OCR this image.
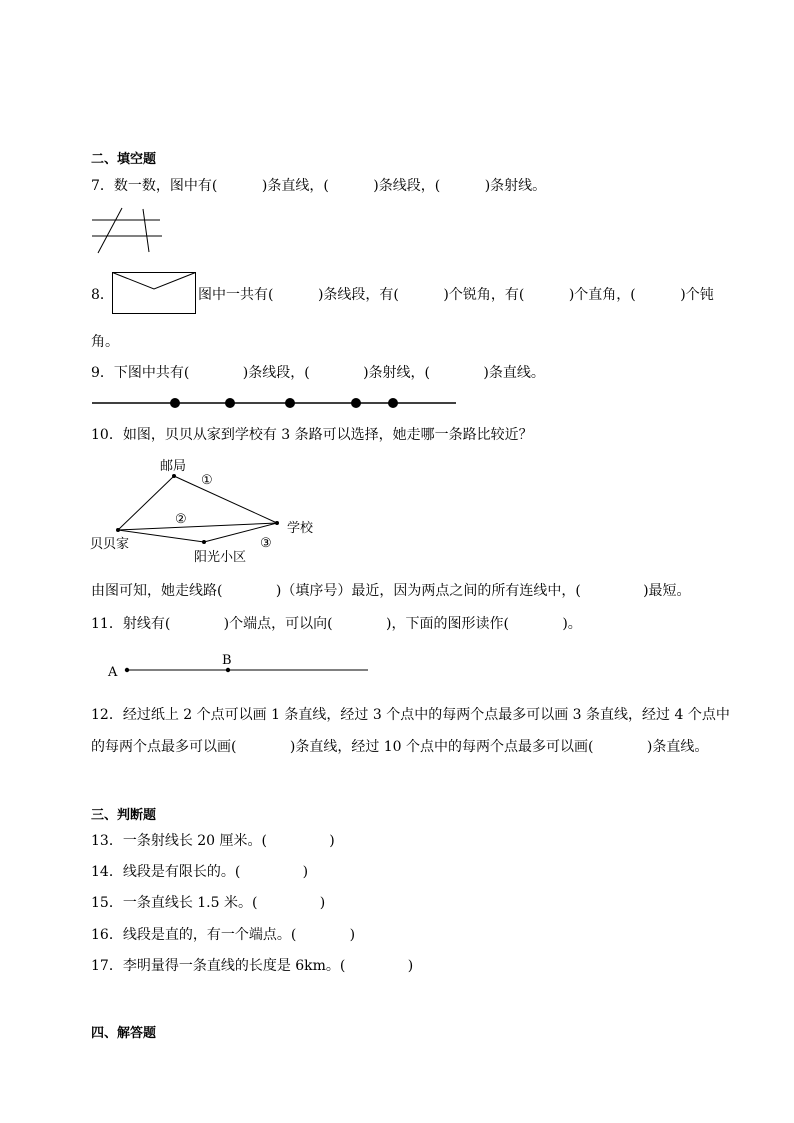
二、填空题
7．数一数，图中有(          )条直线，(          )条线段，(          )条射线。
8．	图中一共有(          )条线段，有(          )个锐角，有(          )个直角，(          )个钝
角。
9．下图中共有(            )条线段，(            )条射线，(            )条直线。
10．如图，贝贝从家到学校有 3 条路可以选择，她走哪一条路比较近？
邮局
①
②
学校
贝贝家
阳光小区
③
由图可知，她走线路(            )（填序号）最近，因为两点之间的所有连线中，(              )最短。
11．射线有(            )个端点，可以向(            )，下面的图形读作(            )。
A
B
12．经过纸上 2 个点可以画 1 条直线，经过 3 个点中的每两个点最多可以画 3 条直线，经过 4 个点中
的每两个点最多可以画(            )条直线，经过 10 个点中的每两个点最多可以画(            )条直线。
三、判断题
13．一条射线长 20 厘米。(              )
14．线段是有限长的。(              )
15．一条直线长 1.5 米。(              )
16．线段是直的，有一个端点。(            )
17．李明量得一条直线的长度是 6km。(              )
四、解答题
